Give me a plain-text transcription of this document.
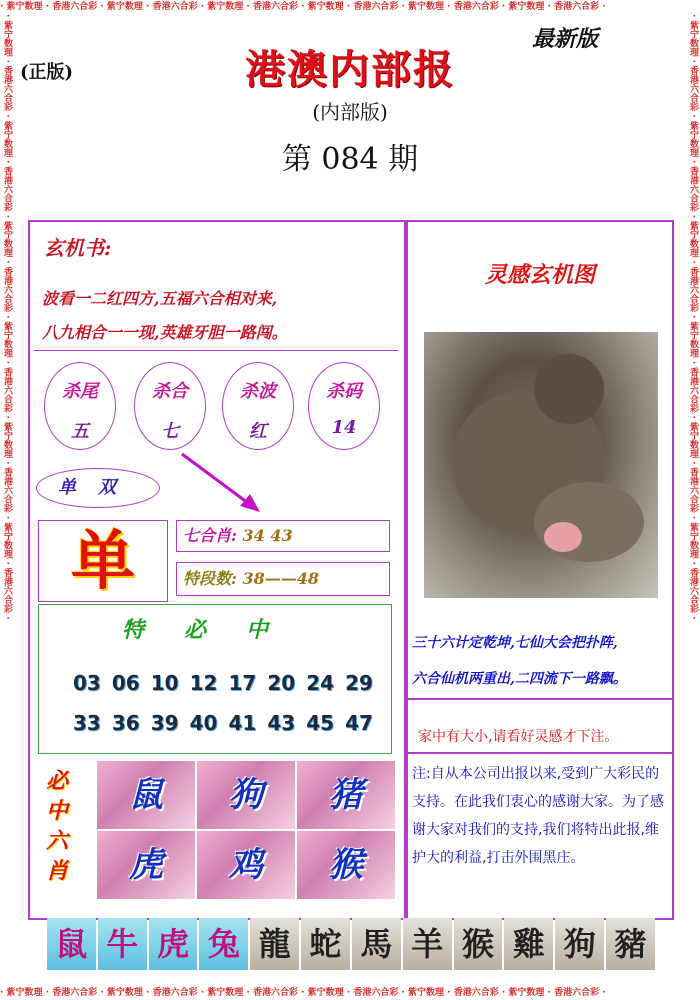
· 紫宁数理 · 香港六合彩 · 紫宁数理 · 香港六合彩 · 紫宁数理 · 香港六合彩 · 紫宁数理 · 香港六合彩 · 紫宁数理 · 香港六合彩 · 紫宁数理 · 香港六合彩 ·
· 紫宁数理 · 香港六合彩 · 紫宁数理 · 香港六合彩 · 紫宁数理 · 香港六合彩 · 紫宁数理 · 香港六合彩 · 紫宁数理 · 香港六合彩 · 紫宁数理 · 香港六合彩 ·
· 紫宁数理 · 香港六合彩 · 紫宁数理 · 香港六合彩 · 紫宁数理 · 香港六合彩 · 紫宁数理 · 香港六合彩 · 紫宁数理 · 香港六合彩 · 紫宁数理 · 香港六合彩 ·	· 紫宁数理 · 香港六合彩 · 紫宁数理 · 香港六合彩 · 紫宁数理 · 香港六合彩 · 紫宁数理 · 香港六合彩 · 紫宁数理 · 香港六合彩 · 紫宁数理 · 香港六合彩 ·
(正版)
最新版
港澳内部报
(内部版)
第 084 期
玄机书:
波看一二红四方,五福六合相对来,
八九相合一一现,英雄牙胆一路闯。
杀尾
五
杀合
七
杀波
红
杀码
14
单双
单	七合肖: 34 43
特段数: 38——48
特必中
03 06 10 12 17 20 24 29
33 36 39 40 41 43 45 47
必中六肖
鼠	狗	猪
虎	鸡	猴
灵感玄机图
三十六计定乾坤,七仙大会把扑阵,
六合仙机两重出,二四流下一路飘。
家中有大小,请看好灵感才下注。
注:自从本公司出报以来,受到广大彩民的支持。在此我们衷心的感谢大家。为了感谢大家对我们的支持,我们将特出此报,维护大的利益,打击外围黑庄。
鼠 牛 虎 兔 龍 蛇 馬 羊 猴 雞 狗 豬
